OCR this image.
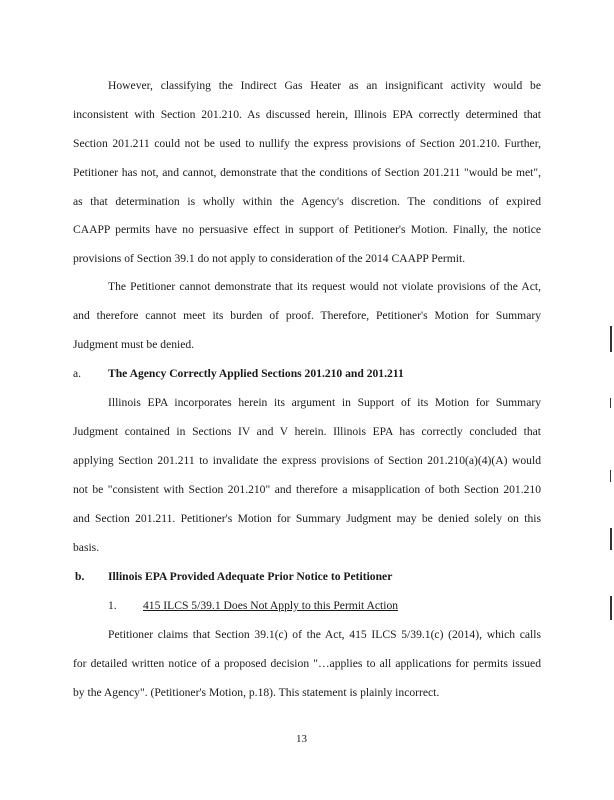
However, classifying the Indirect Gas Heater as an insignificant activity would be
inconsistent with Section 201.210. As discussed herein, Illinois EPA correctly determined that
Section 201.211 could not be used to nullify the express provisions of Section 201.210. Further,
Petitioner has not, and cannot, demonstrate that the conditions of Section 201.211 "would be met",
as that determination is wholly within the Agency's discretion. The conditions of expired
CAAPP permits have no persuasive effect in support of Petitioner's Motion. Finally, the notice
provisions of Section 39.1 do not apply to consideration of the 2014 CAAPP Permit.
The Petitioner cannot demonstrate that its request would not violate provisions of the Act,
and therefore cannot meet its burden of proof. Therefore, Petitioner's Motion for Summary
Judgment must be denied.
a. The Agency Correctly Applied Sections 201.210 and 201.211
Illinois EPA incorporates herein its argument in Support of its Motion for Summary
Judgment contained in Sections IV and V herein. Illinois EPA has correctly concluded that
applying Section 201.211 to invalidate the express provisions of Section 201.210(a)(4)(A) would
not be "consistent with Section 201.210" and therefore a misapplication of both Section 201.210
and Section 201.211. Petitioner's Motion for Summary Judgment may be denied solely on this
basis.
b. Illinois EPA Provided Adequate Prior Notice to Petitioner
1. 415 ILCS 5/39.1 Does Not Apply to this Permit Action
Petitioner claims that Section 39.1(c) of the Act, 415 ILCS 5/39.1(c) (2014), which calls
for detailed written notice of a proposed decision "…applies to all applications for permits issued
by the Agency". (Petitioner's Motion, p.18). This statement is plainly incorrect.
13
